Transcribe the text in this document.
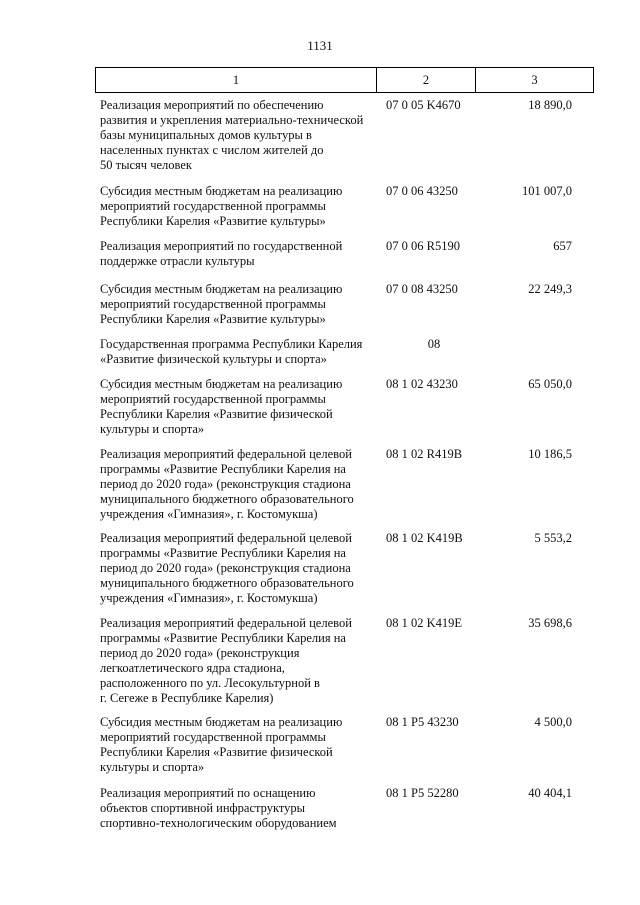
1131
1	2	3
Реализация мероприятий по обеспечению
развития и укрепления материально-технической
базы муниципальных домов культуры в
населенных пунктах с числом жителей до
50 тысяч человек
07 0 05 K4670	18 890,0
Субсидия местным бюджетам на реализацию
мероприятий государственной программы
Республики Карелия «Развитие культуры»
07 0 06 43250	101 007,0
Реализация мероприятий по государственной
поддержке отрасли культуры
07 0 06 R5190	657
Субсидия местным бюджетам на реализацию
мероприятий государственной программы
Республики Карелия «Развитие культуры»
07 0 08 43250	22 249,3
Государственная программа Республики Карелия
«Развитие физической культуры и спорта»
08
Субсидия местным бюджетам на реализацию
мероприятий государственной программы
Республики Карелия «Развитие физической
культуры и спорта»
08 1 02 43230	65 050,0
Реализация мероприятий федеральной целевой
программы «Развитие Республики Карелия на
период до 2020 года» (реконструкция стадиона
муниципального бюджетного образовательного
учреждения «Гимназия», г. Костомукша)
08 1 02 R419B	10 186,5
Реализация мероприятий федеральной целевой
программы «Развитие Республики Карелия на
период до 2020 года» (реконструкция стадиона
муниципального бюджетного образовательного
учреждения «Гимназия», г. Костомукша)
08 1 02 K419B	5 553,2
Реализация мероприятий федеральной целевой
программы «Развитие Республики Карелия на
период до 2020 года» (реконструкция
легкоатлетического ядра стадиона,
расположенного по ул. Лесокультурной в
г. Сегеже в Республике Карелия)
08 1 02 K419E	35 698,6
Субсидия местным бюджетам на реализацию
мероприятий государственной программы
Республики Карелия «Развитие физической
культуры и спорта»
08 1 P5 43230	4 500,0
Реализация мероприятий по оснащению
объектов спортивной инфраструктуры
спортивно-технологическим оборудованием
08 1 P5 52280	40 404,1
